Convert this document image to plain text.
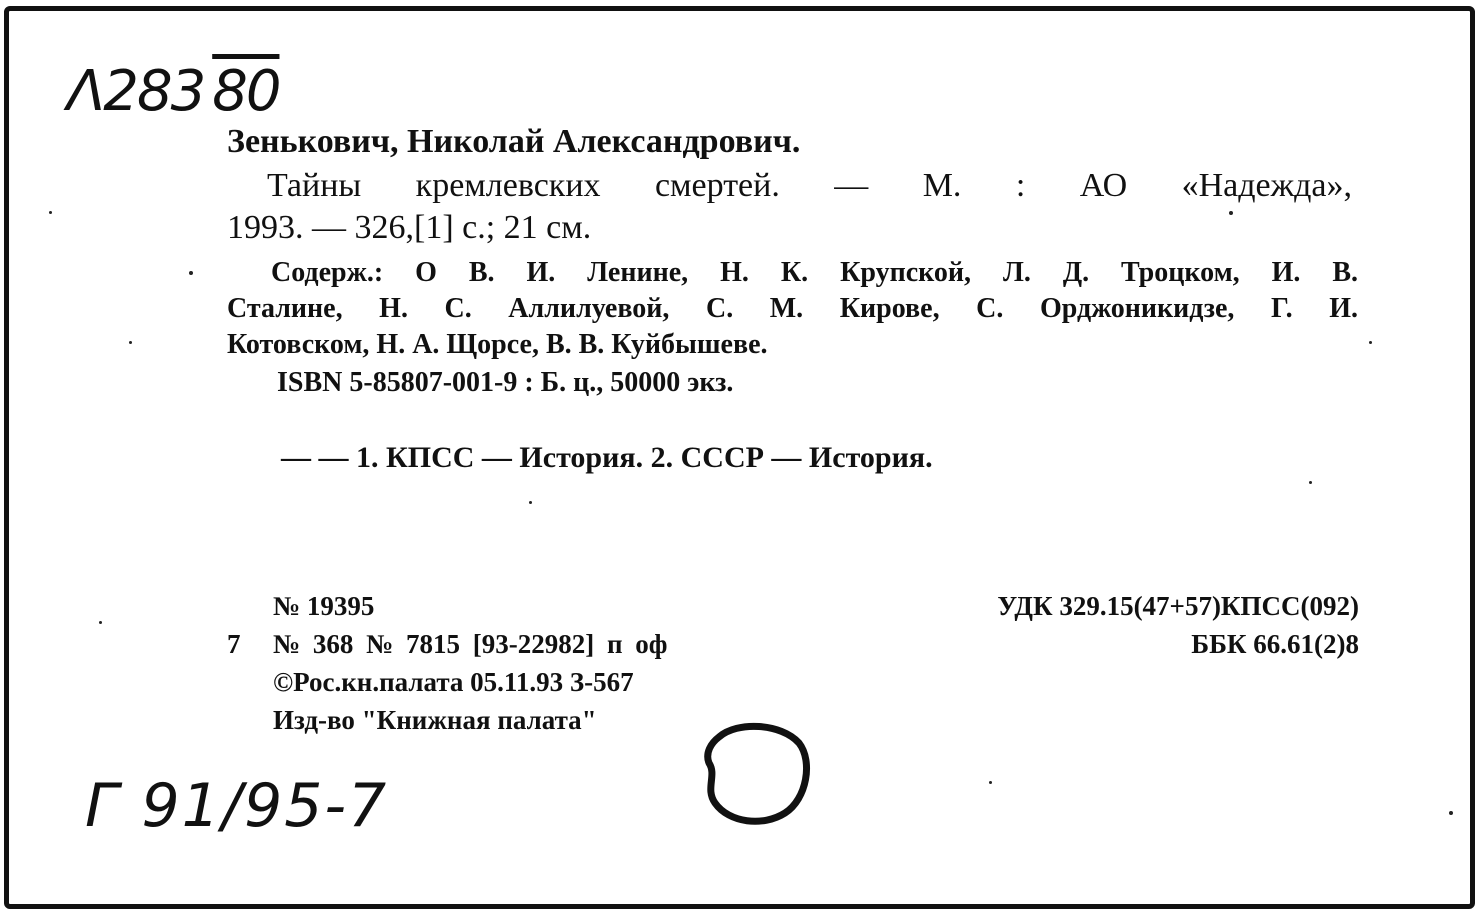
Λ283 80
Зенькович, Николай Александрович.
Тайны кремлевских смертей. — М. : АО «Надежда»,
1993. — 326,[1] с.; 21 см.
Содерж.: О В. И. Ленине, Н. К. Крупской, Л. Д. Троцком, И. В.
Сталине, Н. С. Аллилуевой, С. М. Кирове, С. Орджоникидзе, Г. И.
Котовском, Н. А. Щорсе, В. В. Куйбышеве.
ISBN 5-85807-001-9 : Б. ц., 50000 экз.
— — 1. КПСС — История. 2. СССР — История.
7
№ 19395
№ 368 № 7815 [93-22982] п оф
©Рос.кн.палата 05.11.93 З-567
Изд-во "Книжная палата"
УДК 329.15(47+57)КПСС(092)
ББК 66.61(2)8
Γ 91/95-7
